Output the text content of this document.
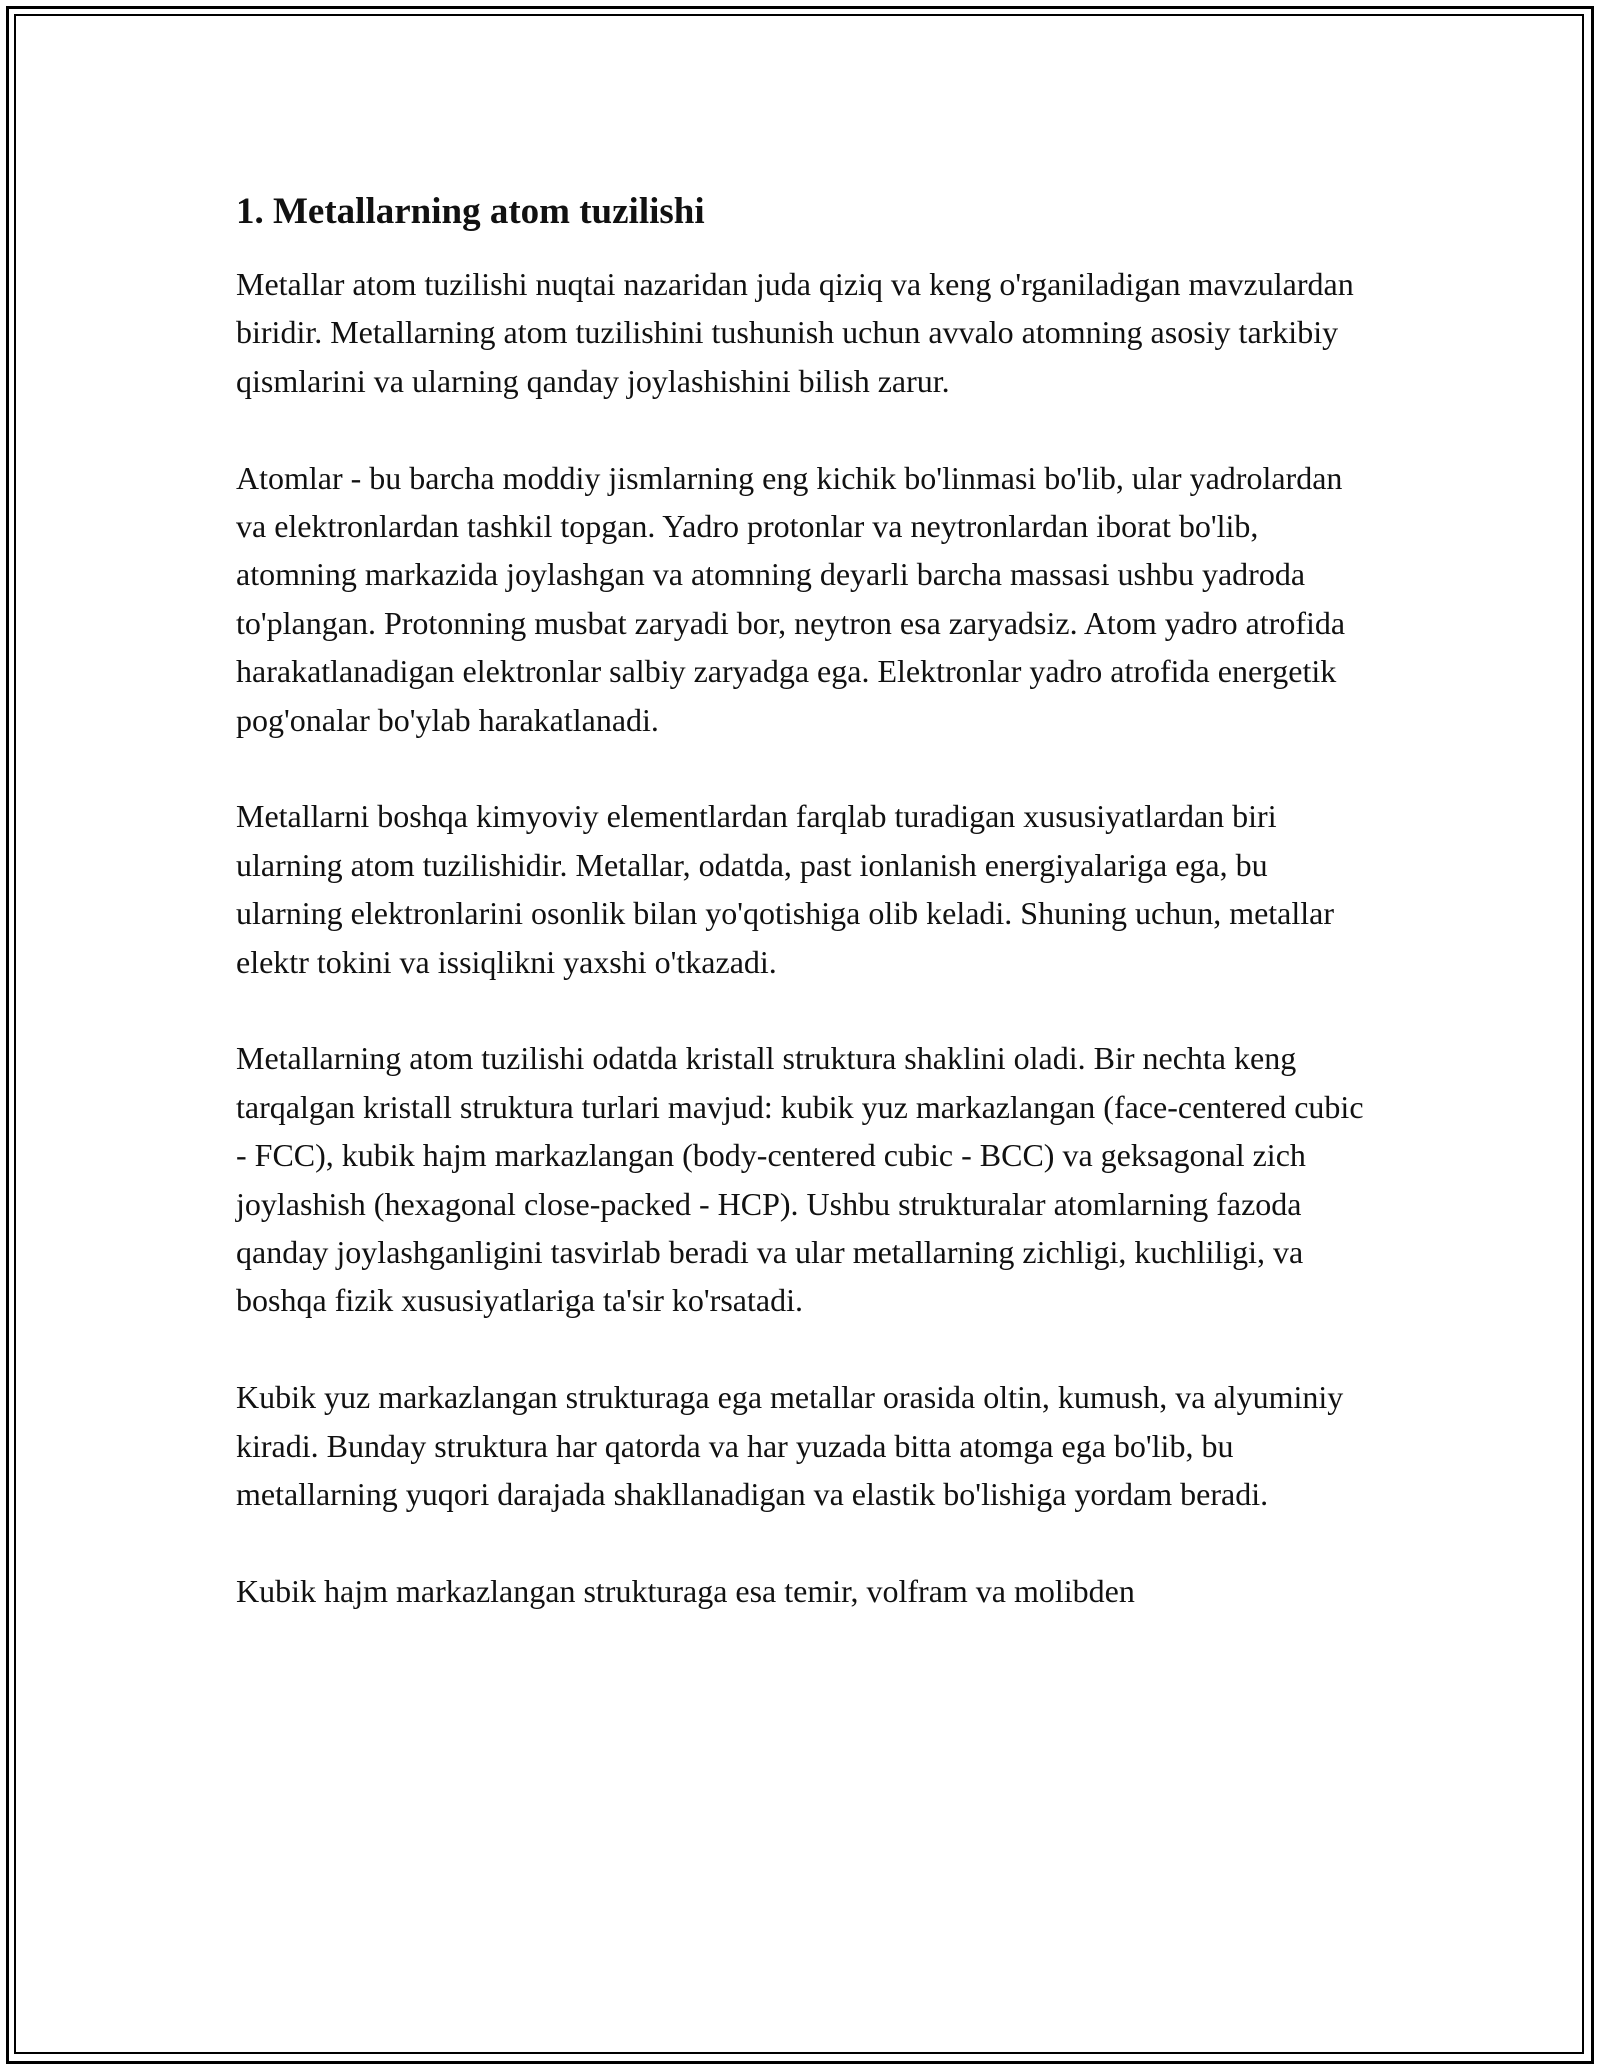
1. Metallarning atom tuzilishi

Metallar atom tuzilishi nuqtai nazaridan juda qiziq va keng o'rganiladigan mavzulardan biridir. Metallarning atom tuzilishini tushunish uchun avvalo atomning asosiy tarkibiy qismlarini va ularning qanday joylashishini bilish zarur.

Atomlar - bu barcha moddiy jismlarning eng kichik bo'linmasi bo'lib, ular yadrolardan va elektronlardan tashkil topgan. Yadro protonlar va neytronlardan iborat bo'lib, atomning markazida joylashgan va atomning deyarli barcha massasi ushbu yadroda to'plangan. Protonning musbat zaryadi bor, neytron esa zaryadsiz. Atom yadro atrofida harakatlanadigan elektronlar salbiy zaryadga ega. Elektronlar yadro atrofida energetik pog'onalar bo'ylab harakatlanadi.

Metallarni boshqa kimyoviy elementlardan farqlab turadigan xususiyatlardan biri ularning atom tuzilishidir. Metallar, odatda, past ionlanish energiyalariga ega, bu ularning elektronlarini osonlik bilan yo'qotishiga olib keladi. Shuning uchun, metallar elektr tokini va issiqlikni yaxshi o'tkazadi.

Metallarning atom tuzilishi odatda kristall struktura shaklini oladi. Bir nechta keng tarqalgan kristall struktura turlari mavjud: kubik yuz markazlangan (face-centered cubic - FCC), kubik hajm markazlangan (body-centered cubic - BCC) va geksagonal zich joylashish (hexagonal close-packed - HCP). Ushbu strukturalar atomlarning fazoda qanday joylashganligini tasvirlab beradi va ular metallarning zichligi, kuchliligi, va boshqa fizik xususiyatlariga ta'sir ko'rsatadi.

Kubik yuz markazlangan strukturaga ega metallar orasida oltin, kumush, va alyuminiy kiradi. Bunday struktura har qatorda va har yuzada bitta atomga ega bo'lib, bu metallarning yuqori darajada shakllanadigan va elastik bo'lishiga yordam beradi.

Kubik hajm markazlangan strukturaga esa temir, volfram va molibden
